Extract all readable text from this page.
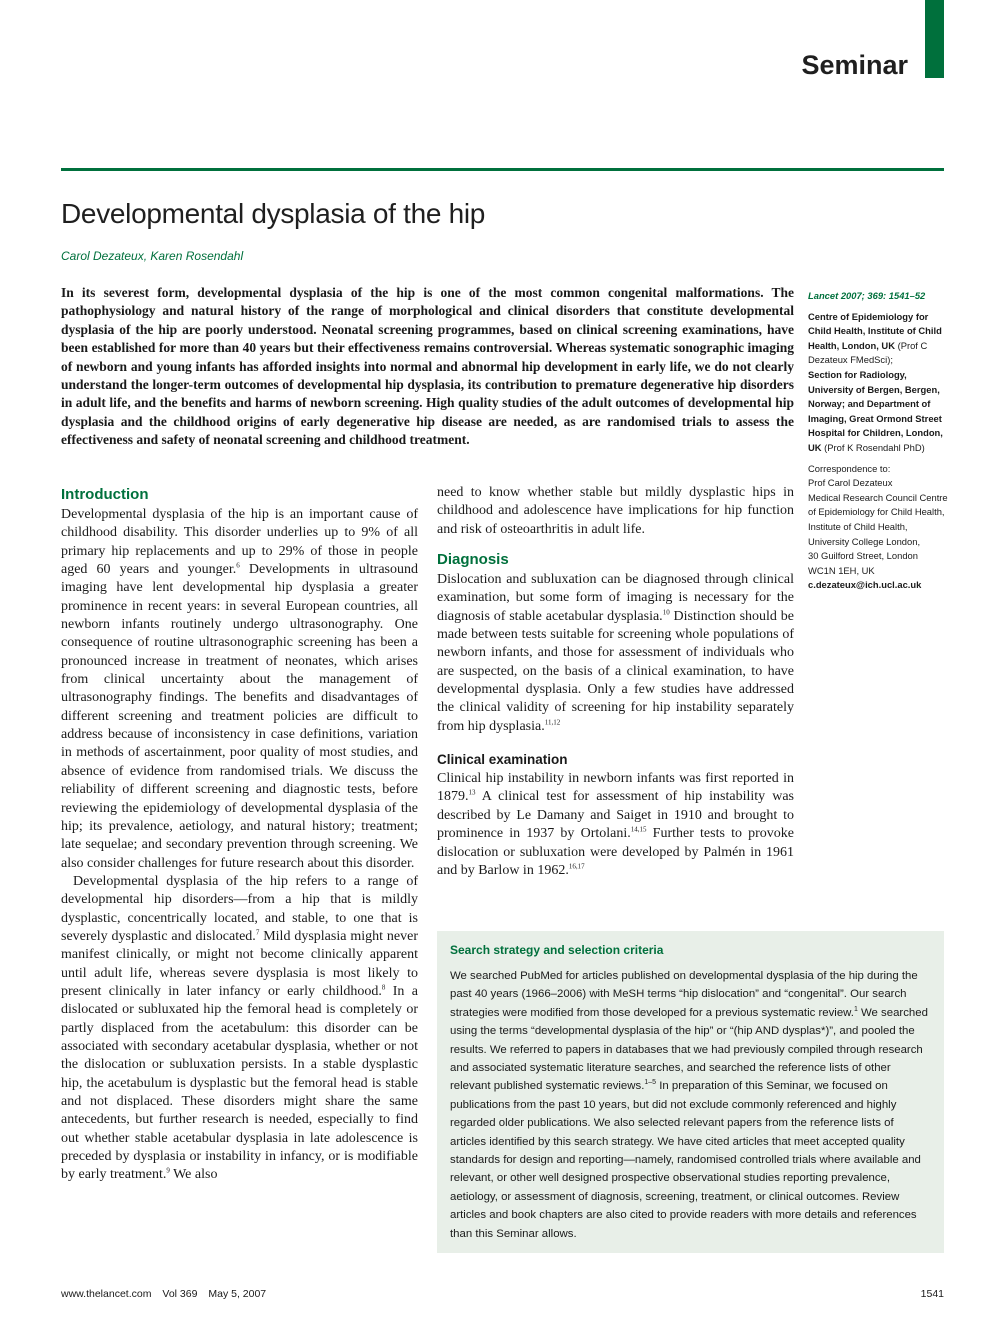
Seminar
Developmental dysplasia of the hip
Carol Dezateux, Karen Rosendahl

In its severest form, developmental dysplasia of the hip is one of the most common congenital malformations. The pathophysiology and natural history of the range of morphological and clinical disorders that constitute developmental dysplasia of the hip are poorly understood. Neonatal screening programmes, based on clinical screening examinations, have been established for more than 40 years but their effectiveness remains controversial. Whereas systematic sonographic imaging of newborn and young infants has afforded insights into normal and abnormal hip development in early life, we do not clearly understand the longer-term outcomes of developmental hip dysplasia, its contribution to premature degenerative hip disorders in adult life, and the benefits and harms of newborn screening. High quality studies of the adult outcomes of developmental hip dysplasia and the childhood origins of early degenerative hip disease are needed, as are randomised trials to assess the effectiveness and safety of neonatal screening and childhood treatment.

Introduction

Developmental dysplasia of the hip is an important cause of childhood disability. This disorder underlies up to 9% of all primary hip replacements and up to 29% of those in people aged 60 years and younger.$^6$ Developments in ultrasound imaging have lent developmental hip dysplasia a greater prominence in recent years: in several European countries, all newborn infants routinely undergo ultrasonography. One consequence of routine ultrasonographic screening has been a pronounced increase in treatment of neonates, which arises from clinical uncertainty about the management of ultrasonography findings. The benefits and disadvantages of different screening and treatment policies are difficult to address because of inconsistency in case definitions, variation in methods of ascertainment, poor quality of most studies, and absence of evidence from randomised trials. We discuss the reliability of different screening and diagnostic tests, before reviewing the epidemiology of developmental dysplasia of the hip; its prevalence, aetiology, and natural history; treatment; late sequelae; and secondary prevention through screening. We also consider challenges for future research about this disorder.

Developmental dysplasia of the hip refers to a range of developmental hip disorders—from a hip that is mildly dysplastic, concentrically located, and stable, to one that is severely dysplastic and dislocated.$^7$ Mild dysplasia might never manifest clinically, or might not become clinically apparent until adult life, whereas severe dysplasia is most likely to present clinically in later infancy or early childhood.$^8$ In a dislocated or subluxated hip the femoral head is completely or partly displaced from the acetabulum: this disorder can be associated with secondary acetabular dysplasia, whether or not the dislocation or subluxation persists. In a stable dysplastic hip, the acetabulum is dysplastic but the femoral head is stable and not displaced. These disorders might share the same antecedents, but further research is needed, especially to find out whether stable acetabular dysplasia in late adolescence is preceded by dysplasia or instability in infancy, or is modifiable by early treatment.$^9$ We also

need to know whether stable but mildly dysplastic hips in childhood and adolescence have implications for hip function and risk of osteoarthritis in adult life.

Diagnosis

Dislocation and subluxation can be diagnosed through clinical examination, but some form of imaging is necessary for the diagnosis of stable acetabular dysplasia.$^{10}$ Distinction should be made between tests suitable for screening whole populations of newborn infants, and those for assessment of individuals who are suspected, on the basis of a clinical examination, to have developmental dysplasia. Only a few studies have addressed the clinical validity of screening for hip instability separately from hip dysplasia.$^{11,12}$

Clinical examination

Clinical hip instability in newborn infants was first reported in 1879.13 A clinical test for assessment of hip instability was described by Le Damany and Saiget in 1910 and brought to prominence in 1937 by Ortolani.$^{14,15}$ Further tests to provoke dislocation or subluxation were developed by Palmén in 1961 and by Barlow in 1962.$^{16,17}$

Lancet 2007; 369: 1541–52
Centre of Epidemiology for Child Health, Institute of Child Health, London, UK (Prof C Dezateux FMedSci);
Section for Radiology, University of Bergen, Bergen, Norway; and Department of Imaging, Great Ormond Street Hospital for Children, London, UK (Prof K Rosendahl PhD)
Correspondence to:
Prof Carol Dezateux
Medical Research Council Centre of Epidemiology for Child Health,
Institute of Child Health,
University College London,
30 Guilford Street, London
WC1N 1EH, UK
c.dezateux@ich.ucl.ac.uk
Search strategy and selection criteria

We searched PubMed for articles published on developmental dysplasia of the hip during the past 40 years (1966–2006) with MeSH terms “hip dislocation” and “congenital”. Our search strategies were modified from those developed for a previous systematic review.$^1$ We searched using the terms “developmental dysplasia of the hip” or “(hip AND dysplas*)”, and pooled the results. We referred to papers in databases that we had previously compiled through research and associated systematic literature searches, and searched the reference lists of other relevant published systematic reviews.$^{1-5}$ In preparation of this Seminar, we focused on publications from the past 10 years, but did not exclude commonly referenced and highly regarded older publications. We also selected relevant papers from the reference lists of articles identified by this search strategy. We have cited articles that meet accepted quality standards for design and reporting—namely, randomised controlled trials where available and relevant, or other well designed prospective observational studies reporting prevalence, aetiology, or assessment of diagnosis, screening, treatment, or clinical outcomes. Review articles and book chapters are also cited to provide readers with more details and references than this Seminar allows.

www.thelancet.com Vol 369 May 5, 2007	1541
